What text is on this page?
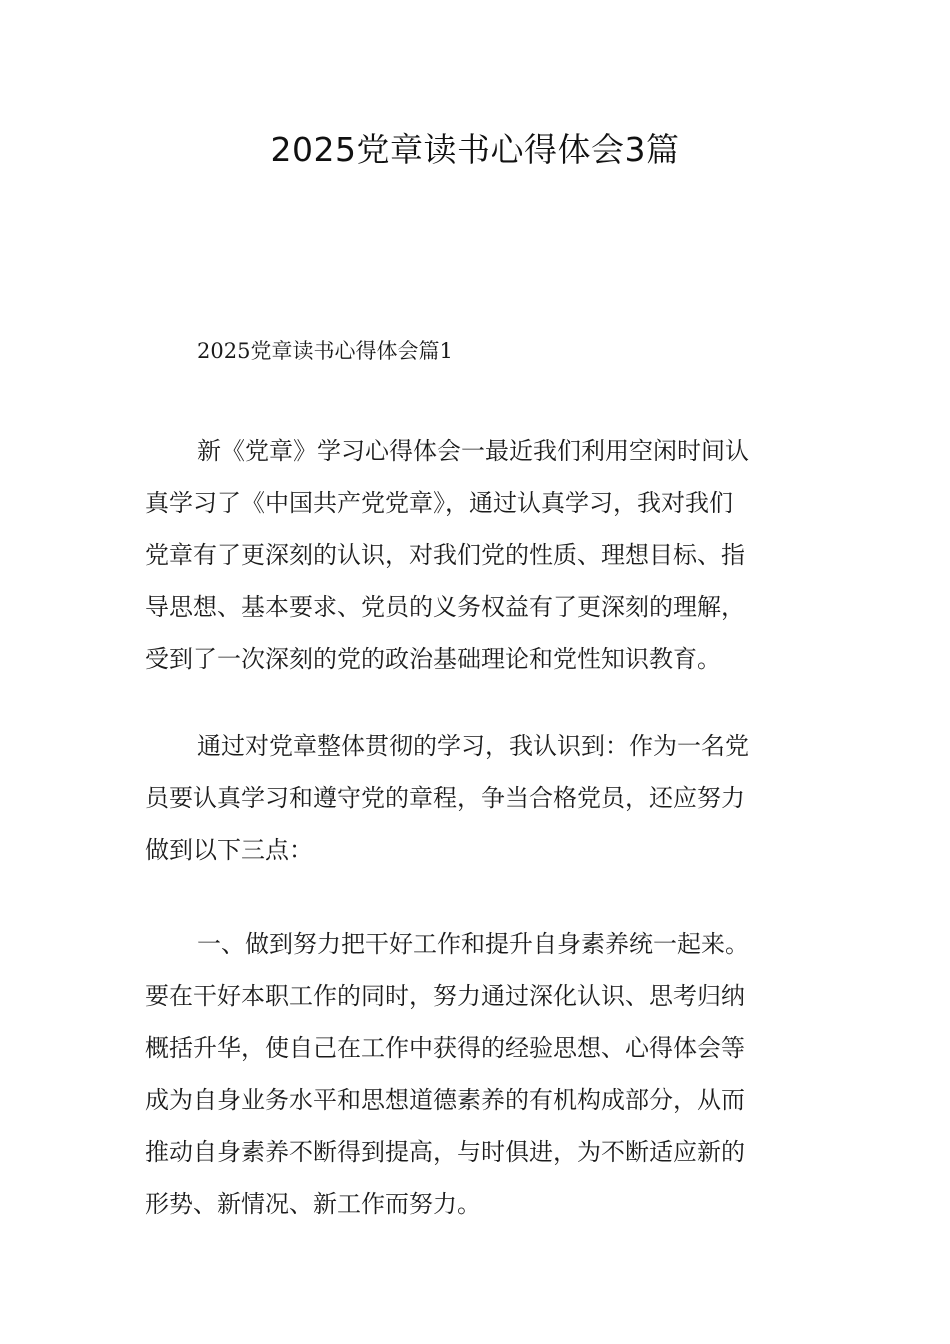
2025党章读书心得体会3篇
2025党章读书心得体会篇1
新《党章》学习心得体会一最近我们利用空闲时间认
真学习了《中国共产党党章》，通过认真学习，我对我们
党章有了更深刻的认识，对我们党的性质、理想目标、指
导思想、基本要求、党员的义务权益有了更深刻的理解，
受到了一次深刻的党的政治基础理论和党性知识教育。
通过对党章整体贯彻的学习，我认识到：作为一名党
员要认真学习和遵守党的章程，争当合格党员，还应努力
做到以下三点：
一、做到努力把干好工作和提升自身素养统一起来。
要在干好本职工作的同时，努力通过深化认识、思考归纳
概括升华，使自己在工作中获得的经验思想、心得体会等
成为自身业务水平和思想道德素养的有机构成部分，从而
推动自身素养不断得到提高，与时俱进，为不断适应新的
形势、新情况、新工作而努力。
